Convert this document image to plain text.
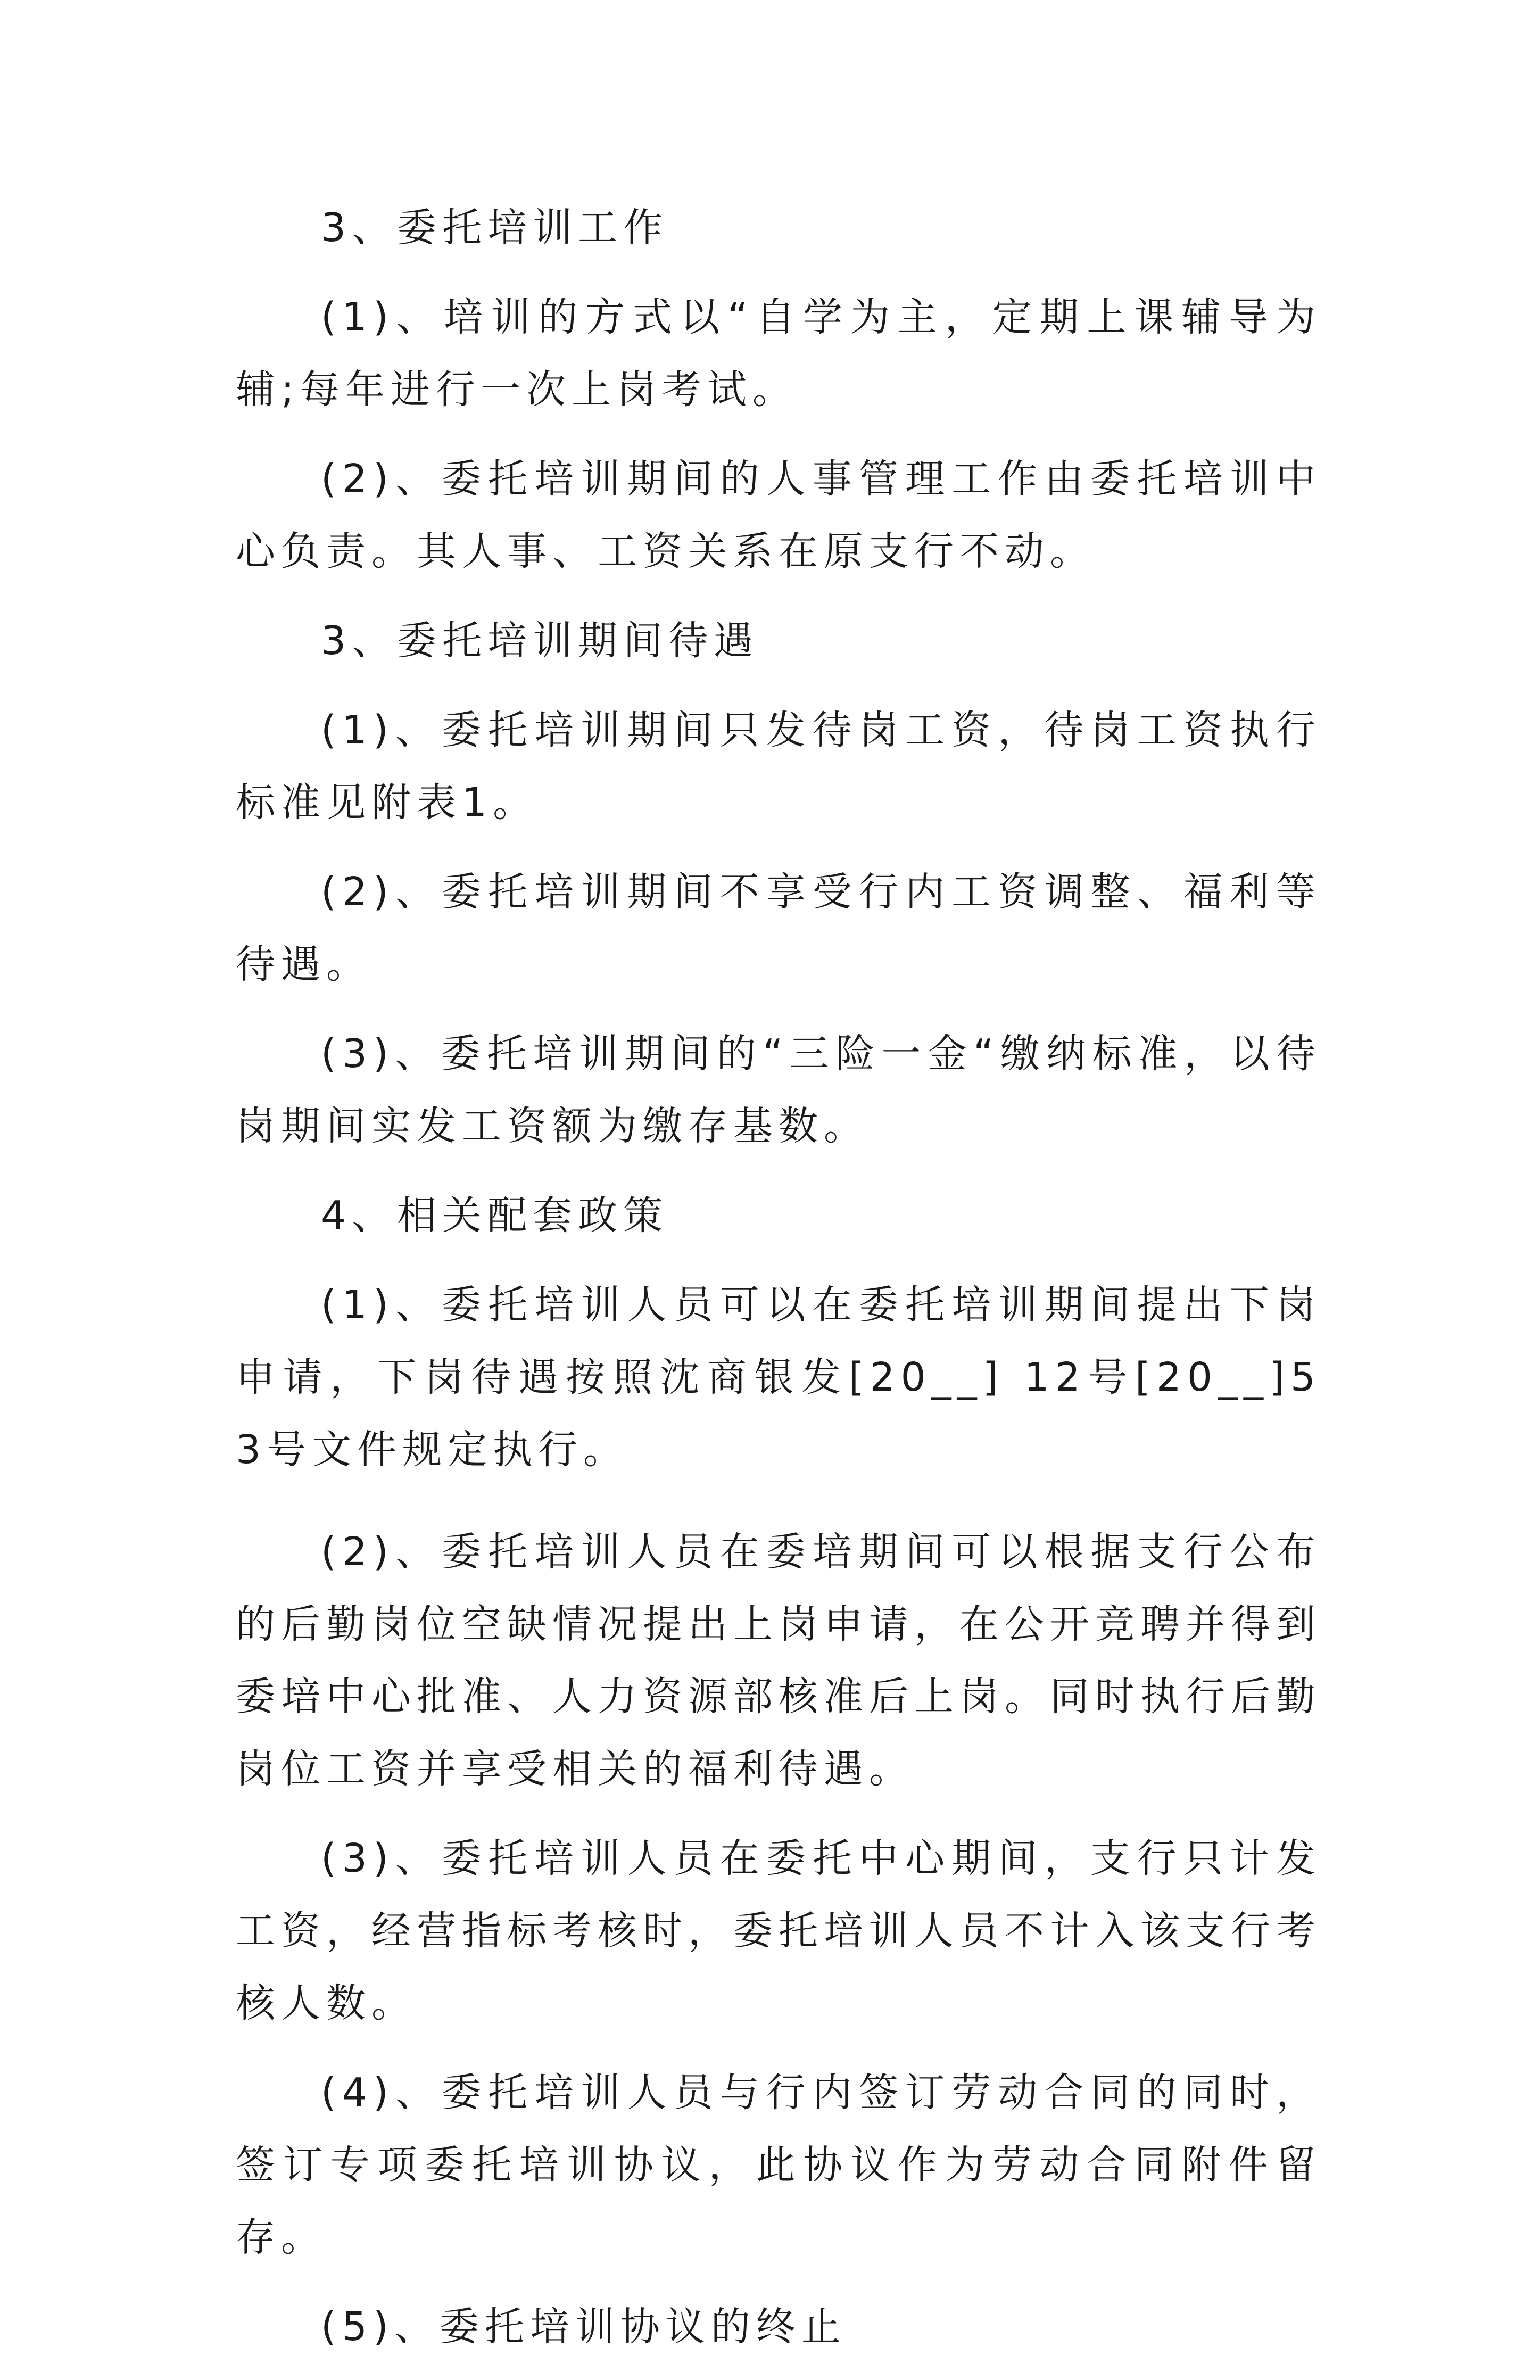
3、委托培训工作

(1)、培训的方式以“自学为主，定期上课辅导为辅;每年进行一次上岗考试。

(2)、委托培训期间的人事管理工作由委托培训中心负责。其人事、工资关系在原支行不动。

3、委托培训期间待遇

(1)、委托培训期间只发待岗工资，待岗工资执行标准见附表1。

(2)、委托培训期间不享受行内工资调整、福利等待遇。

(3)、委托培训期间的“三险一金“缴纳标准，以待岗期间实发工资额为缴存基数。

4、相关配套政策

(1)、委托培训人员可以在委托培训期间提出下岗申请，下岗待遇按照沈商银发[20__] 12号[20__]53号文件规定执行。

(2)、委托培训人员在委培期间可以根据支行公布的后勤岗位空缺情况提出上岗申请，在公开竞聘并得到委培中心批准、人力资源部核准后上岗。同时执行后勤岗位工资并享受相关的福利待遇。

(3)、委托培训人员在委托中心期间，支行只计发工资，经营指标考核时，委托培训人员不计入该支行考核人数。

(4)、委托培训人员与行内签订劳动合同的同时，签订专项委托培训协议，此协议作为劳动合同附件留存。

(5)、委托培训协议的终止
